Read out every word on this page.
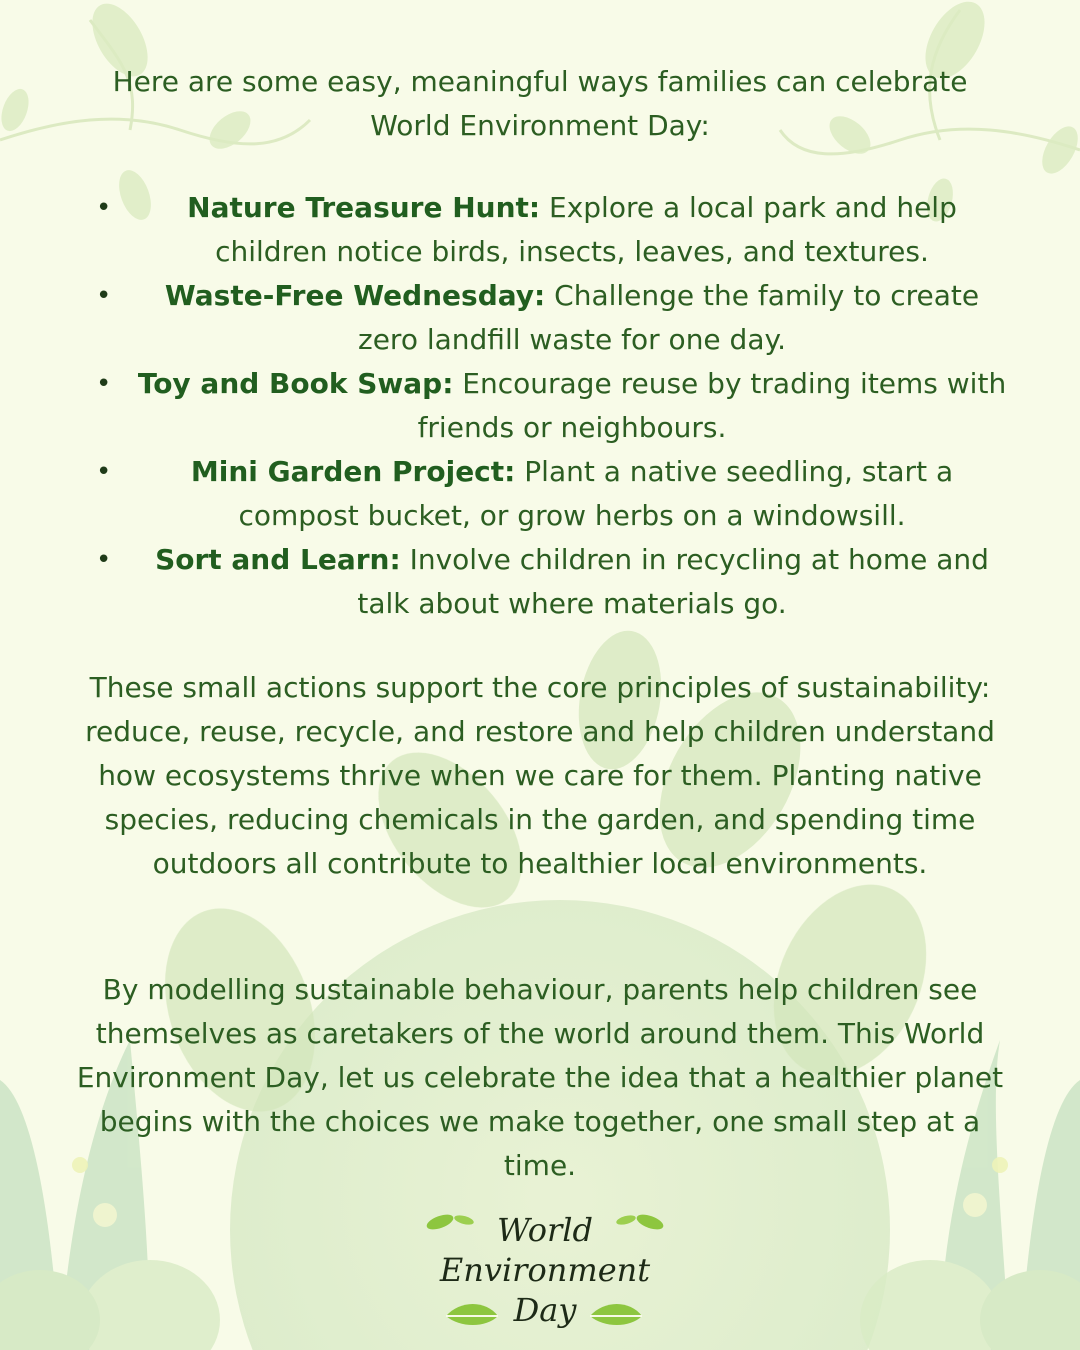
Here are some easy, meaningful ways families can celebrate World Environment Day:

•	Nature Treasure Hunt: Explore a local park and help children notice birds, insects, leaves, and textures.
• Waste-Free Wednesday: Challenge the family to create zero landfill waste for one day.
• Toy and Book Swap: Encourage reuse by trading items with friends or neighbours.
•	Mini Garden Project: Plant a native seedling, start a compost bucket, or grow herbs on a windowsill.
• Sort and Learn: Involve children in recycling at home and talk about where materials go.

These small actions support the core principles of sustainability: reduce, reuse, recycle, and restore and help children understand how ecosystems thrive when we care for them. Planting native species, reducing chemicals in the garden, and spending time outdoors all contribute to healthier local environments.

By modelling sustainable behaviour, parents help children see themselves as caretakers of the world around them. This World Environment Day, let us celebrate the idea that a healthier planet begins with the choices we make together, one small step at a time.

World
Environment
Day
